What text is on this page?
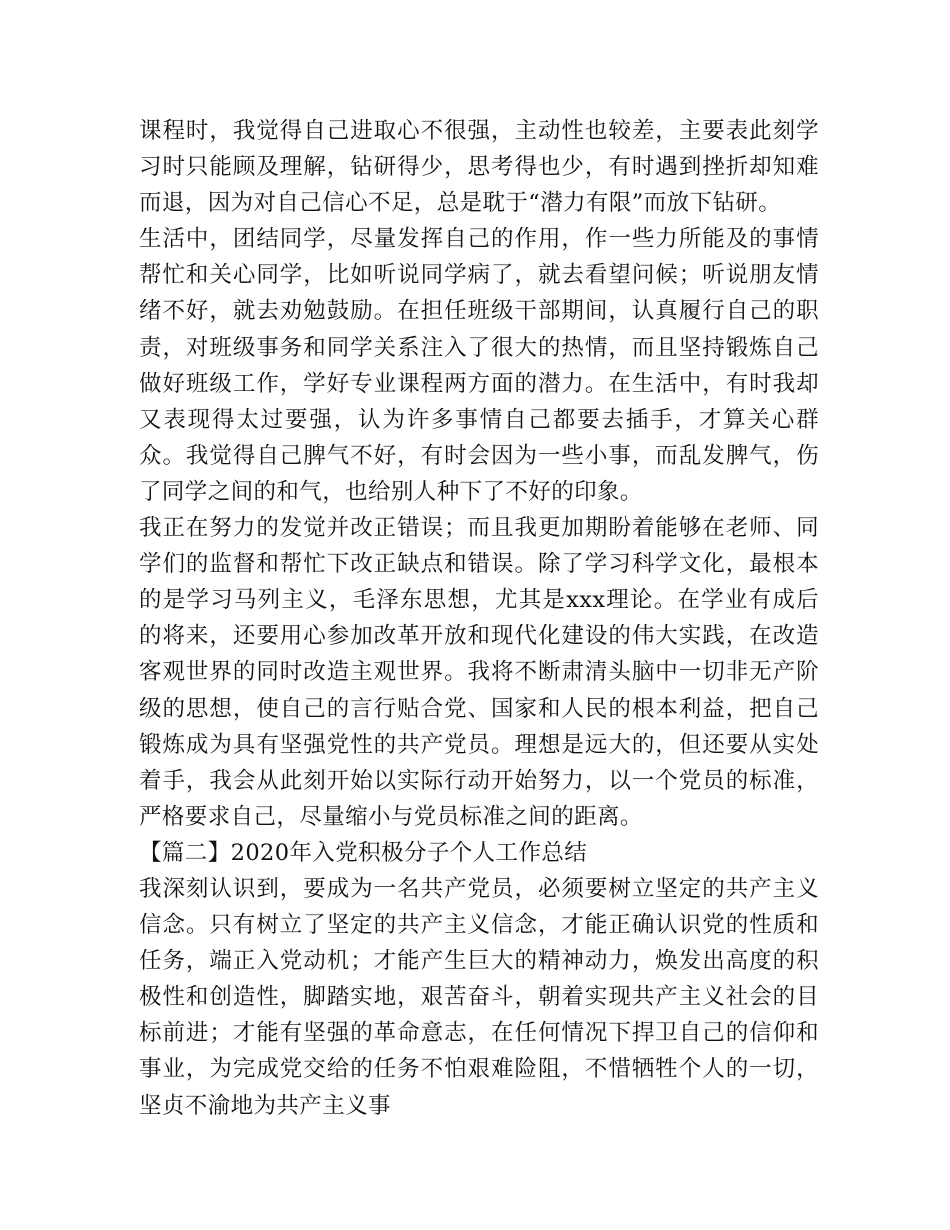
课程时，我觉得自己进取心不很强，主动性也较差，主要表此刻学习时只能顾及理解，钻研得少，思考得也少，有时遇到挫折却知难而退，因为对自己信心不足，总是耽于“潜力有限”而放下钻研。

生活中，团结同学，尽量发挥自己的作用，作一些力所能及的事情帮忙和关心同学，比如听说同学病了，就去看望问候；听说朋友情绪不好，就去劝勉鼓励。在担任班级干部期间，认真履行自己的职责，对班级事务和同学关系注入了很大的热情，而且坚持锻炼自己做好班级工作，学好专业课程两方面的潜力。在生活中，有时我却又表现得太过要强，认为许多事情自己都要去插手，才算关心群众。我觉得自己脾气不好，有时会因为一些小事，而乱发脾气，伤了同学之间的和气，也给别人种下了不好的印象。

我正在努力的发觉并改正错误；而且我更加期盼着能够在老师、同学们的监督和帮忙下改正缺点和错误。除了学习科学文化，最根本的是学习马列主义，毛泽东思想，尤其是xxx理论。在学业有成后的将来，还要用心参加改革开放和现代化建设的伟大实践，在改造客观世界的同时改造主观世界。我将不断肃清头脑中一切非无产阶级的思想，使自己的言行贴合党、国家和人民的根本利益，把自己锻炼成为具有坚强党性的共产党员。理想是远大的，但还要从实处着手，我会从此刻开始以实际行动开始努力，以一个党员的标准，严格要求自己，尽量缩小与党员标准之间的距离。

【篇二】2020年入党积极分子个人工作总结

我深刻认识到，要成为一名共产党员，必须要树立坚定的共产主义信念。只有树立了坚定的共产主义信念，才能正确认识党的性质和任务，端正入党动机；才能产生巨大的精神动力，焕发出高度的积极性和创造性，脚踏实地，艰苦奋斗，朝着实现共产主义社会的目标前进；才能有坚强的革命意志，在任何情况下捍卫自己的信仰和事业，为完成党交给的任务不怕艰难险阻，不惜牺牲个人的一切，坚贞不渝地为共产主义事
